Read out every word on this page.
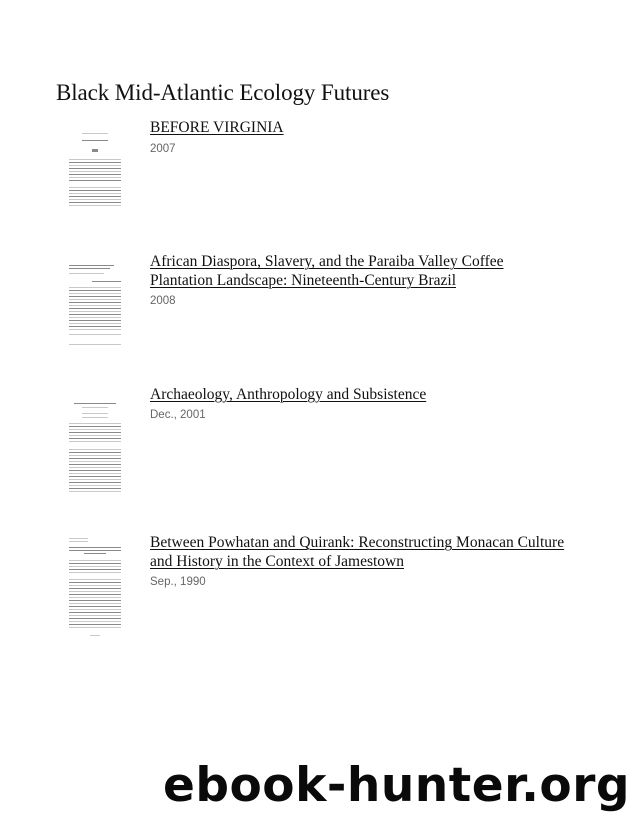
Black Mid-Atlantic Ecology Futures
BEFORE VIRGINIA
2007
African Diaspora, Slavery, and the Paraiba Valley Coffee
Plantation Landscape: Nineteenth-Century Brazil
2008
Archaeology, Anthropology and Subsistence
Dec., 2001
Between Powhatan and Quirank: Reconstructing Monacan Culture
and History in the Context of Jamestown
Sep., 1990
ebook-hunter.org
